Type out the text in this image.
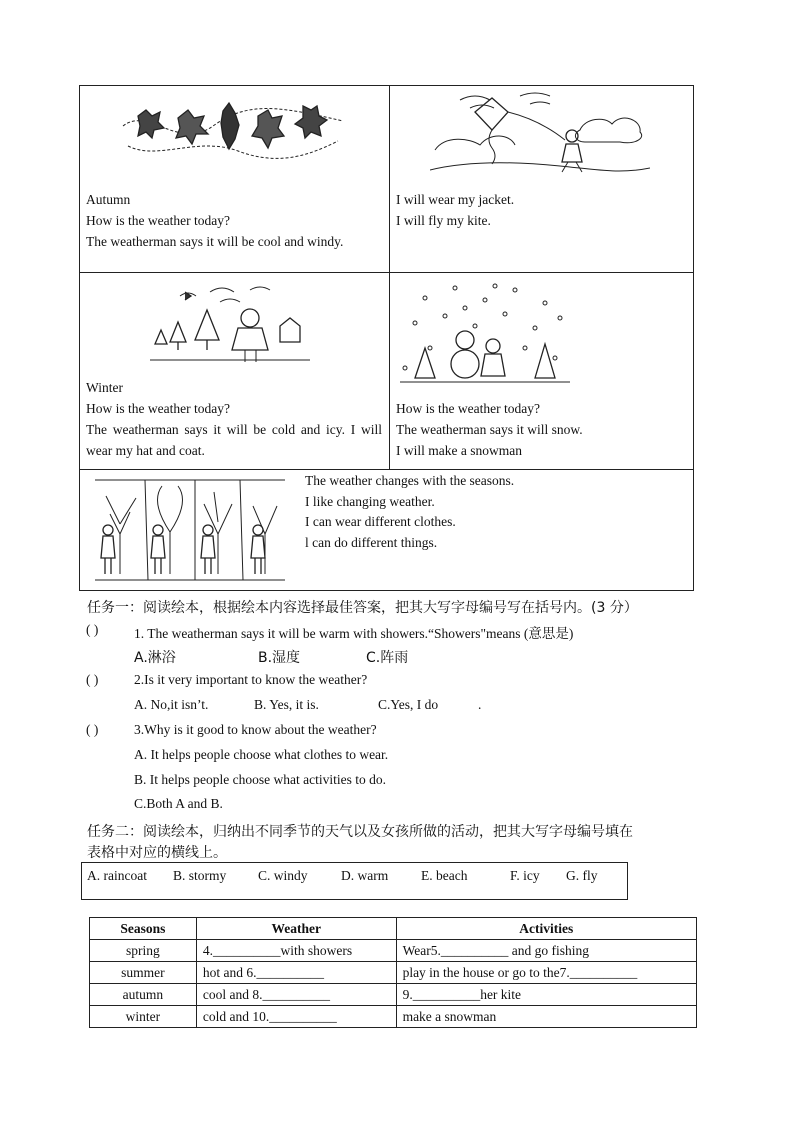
Autumn
How is the weather today?
The weatherman says it will be cool and windy.
I will wear my jacket.
I will fly my kite.
Winter
How is the weather today?
The weatherman says it will be cold and icy. I will wear my hat and coat.
How is the weather today?
The weatherman says it will snow.
I will make a snowman
The weather changes with the seasons.
I like changing weather.
I can wear different clothes.
l can do different things.
任务一：阅读绘本，根据绘本内容选择最佳答案，把其大写字母编号写在括号内。(3 分）
( )	1. The weatherman says it will be warm with showers.“Showers"means (意思是)
A.淋浴	B.湿度	C.阵雨
( )	2.Is it very important to know the weather?
A. No,it isn’t.	B. Yes, it is.	C.Yes, I do	.
( )	3.Why is it good to know about the weather?
A. It helps people choose what clothes to wear.
B. It helps people choose what activities to do.
C.Both A and B.
任务二：阅读绘本，归纳出不同季节的天气以及女孩所做的活动，把其大写字母编号填在
表格中对应的横线上。
A. raincoat B. stormy C. windy D. warm E. beach	F. icy G. fly
Seasons	Weather	Activities
spring	4.__________with showers	Wear5.__________ and go fishing
summer	hot and 6.__________	play in the house or go to the7.__________
autumn	cool and 8.__________	9.__________her kite
winter	cold and 10.__________	make a snowman
